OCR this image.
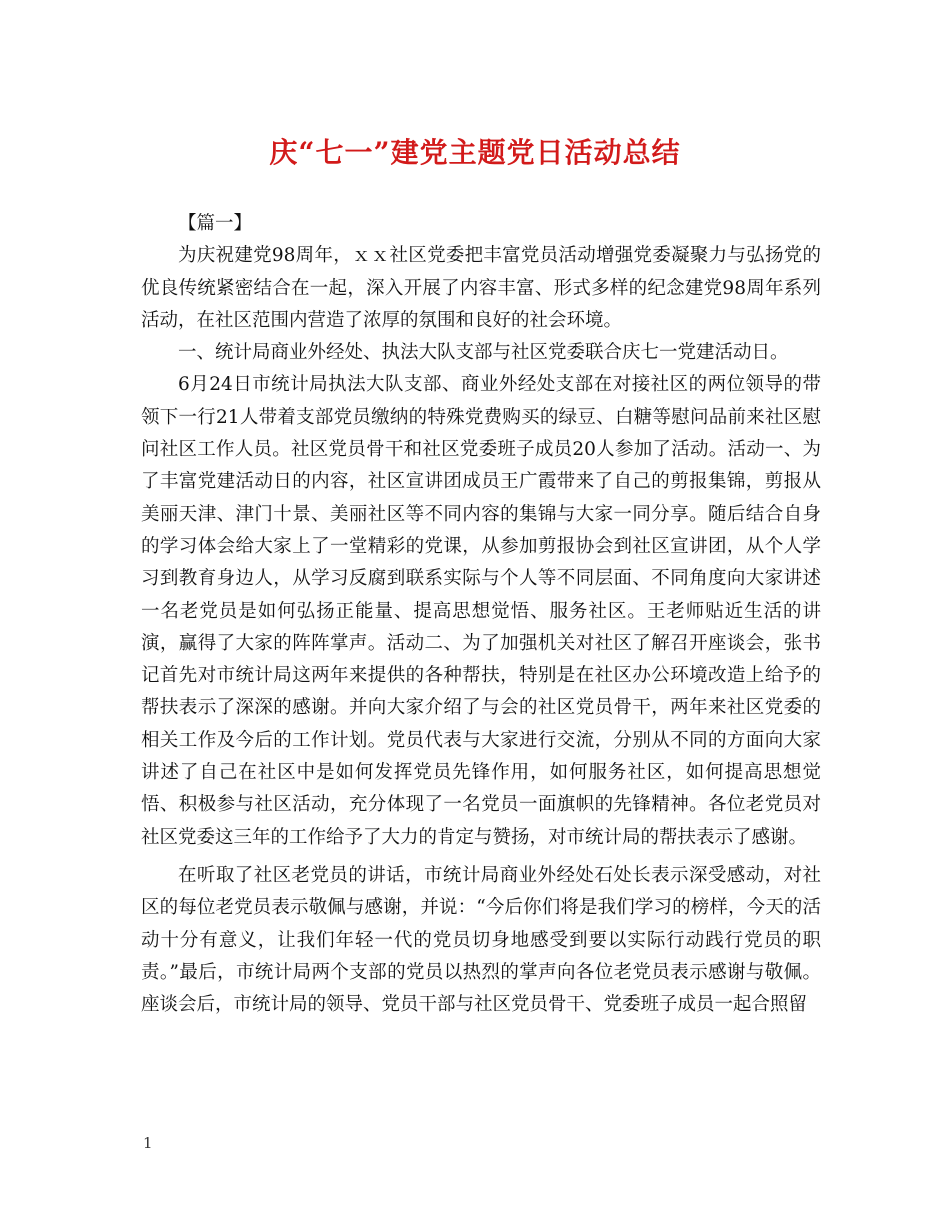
庆“七一”建党主题党日活动总结

【篇一】

为庆祝建党98周年，ｘｘ社区党委把丰富党员活动增强党委凝聚力与弘扬党的优良传统紧密结合在一起，深入开展了内容丰富、形式多样的纪念建党98周年系列活动，在社区范围内营造了浓厚的氛围和良好的社会环境。

一、统计局商业外经处、执法大队支部与社区党委联合庆七一党建活动日。

6月24日市统计局执法大队支部、商业外经处支部在对接社区的两位领导的带领下一行21人带着支部党员缴纳的特殊党费购买的绿豆、白糖等慰问品前来社区慰问社区工作人员。社区党员骨干和社区党委班子成员20人参加了活动。活动一、为了丰富党建活动日的内容，社区宣讲团成员王广霞带来了自己的剪报集锦，剪报从美丽天津、津门十景、美丽社区等不同内容的集锦与大家一同分享。随后结合自身的学习体会给大家上了一堂精彩的党课，从参加剪报协会到社区宣讲团，从个人学习到教育身边人，从学习反腐到联系实际与个人等不同层面、不同角度向大家讲述一名老党员是如何弘扬正能量、提高思想觉悟、服务社区。王老师贴近生活的讲演，赢得了大家的阵阵掌声。活动二、为了加强机关对社区了解召开座谈会，张书记首先对市统计局这两年来提供的各种帮扶，特别是在社区办公环境改造上给予的帮扶表示了深深的感谢。并向大家介绍了与会的社区党员骨干，两年来社区党委的相关工作及今后的工作计划。党员代表与大家进行交流，分别从不同的方面向大家讲述了自己在社区中是如何发挥党员先锋作用，如何服务社区，如何提高思想觉悟、积极参与社区活动，充分体现了一名党员一面旗帜的先锋精神。各位老党员对社区党委这三年的工作给予了大力的肯定与赞扬，对市统计局的帮扶表示了感谢。

在听取了社区老党员的讲话，市统计局商业外经处石处长表示深受感动，对社区的每位老党员表示敬佩与感谢，并说：“今后你们将是我们学习的榜样，今天的活动十分有意义，让我们年轻一代的党员切身地感受到要以实际行动践行党员的职责。”最后，市统计局两个支部的党员以热烈的掌声向各位老党员表示感谢与敬佩。座谈会后，市统计局的领导、党员干部与社区党员骨干、党委班子成员一起合照留

1
